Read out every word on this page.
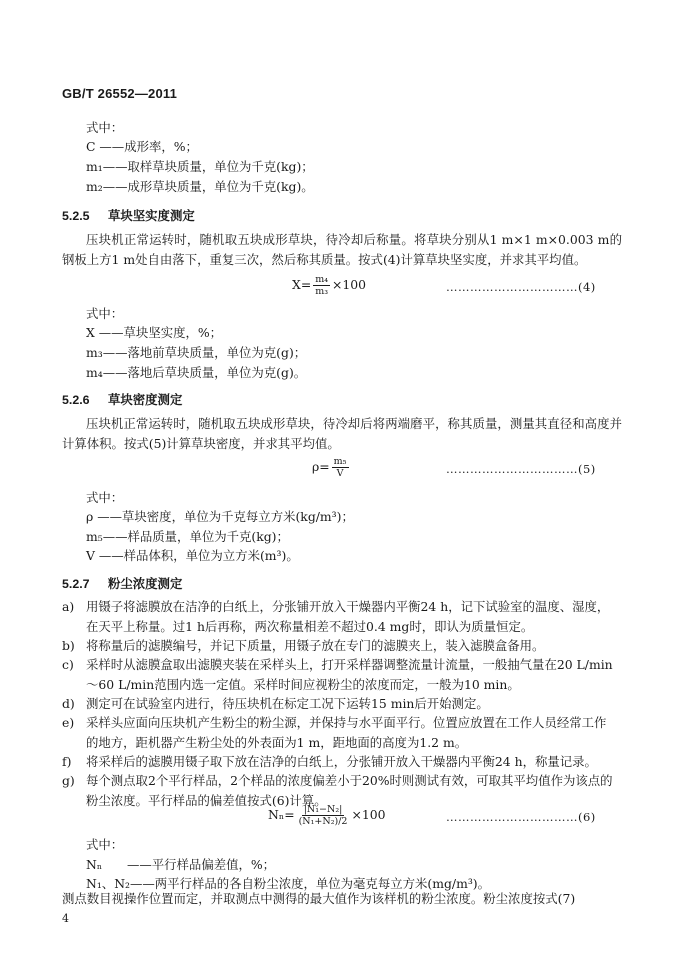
GB/T 26552—2011
式中：
C ——成形率，%；
m₁——取样草块质量，单位为千克(kg)；
m₂——成形草块质量，单位为千克(kg)。
5.2.5 草块坚实度测定
压块机正常运转时，随机取五块成形草块，待冷却后称量。将草块分别从1 m×1 m×0.003 m的钢板上方1 m处自由落下，重复三次，然后称其质量。按式(4)计算草块坚实度，并求其平均值。
$X= \frac{\text{m₄}}{\text{m₃}} \times 100$	……………………………(4)
式中：
X ——草块坚实度，%；
m₃——落地前草块质量，单位为克(g)；
m₄——落地后草块质量，单位为克(g)。
5.2.6 草块密度测定
压块机正常运转时，随机取五块成形草块，待冷却后将两端磨平，称其质量，测量其直径和高度并计算体积。按式(5)计算草块密度，并求其平均值。
$\rho= \frac{\text{m₅}}{V}$	……………………………(5)
式中：
ρ ——草块密度，单位为千克每立方米(kg/m³)；
m₅——样品质量，单位为千克(kg)；
V ——样品体积，单位为立方米(m³)。
5.2.7 粉尘浓度测定
a) 用镊子将滤膜放在洁净的白纸上，分张铺开放入干燥器内平衡24 h，记下试验室的温度、湿度，在天平上称量。过1 h后再称，两次称量相差不超过0.4 mg时，即认为质量恒定。
b) 将称量后的滤膜编号，并记下质量，用镊子放在专门的滤膜夹上，装入滤膜盒备用。
c) 采样时从滤膜盒取出滤膜夹装在采样头上，打开采样器调整流量计流量，一般抽气量在20 L/min～60 L/min范围内选一定值。采样时间应视粉尘的浓度而定，一般为10 min。
d) 测定可在试验室内进行，待压块机在标定工况下运转15 min后开始测定。
e) 采样头应面向压块机产生粉尘的粉尘源，并保持与水平面平行。位置应放置在工作人员经常工作的地方，距机器产生粉尘处的外表面为1 m，距地面的高度为1.2 m。
f) 将采样后的滤膜用镊子取下放在洁净的白纸上，分张铺开放入干燥器内平衡24 h，称量记录。
g) 每个测点取2个平行样品，2个样品的浓度偏差小于20%时则测试有效，可取其平均值作为该点的粉尘浓度。平行样品的偏差值按式(6)计算。
$N_n= \frac{\text{|N₁−N₂|}}{\text{(N₁+N₂)/2}} \times 100$	……………………………(6)
式中：
Nₙ　　——平行样品偏差值，%；
N₁、N₂——两平行样品的各自粉尘浓度，单位为毫克每立方米(mg/m³)。
测点数目视操作位置而定，并取测点中测得的最大值作为该样机的粉尘浓度。粉尘浓度按式(7)
4
